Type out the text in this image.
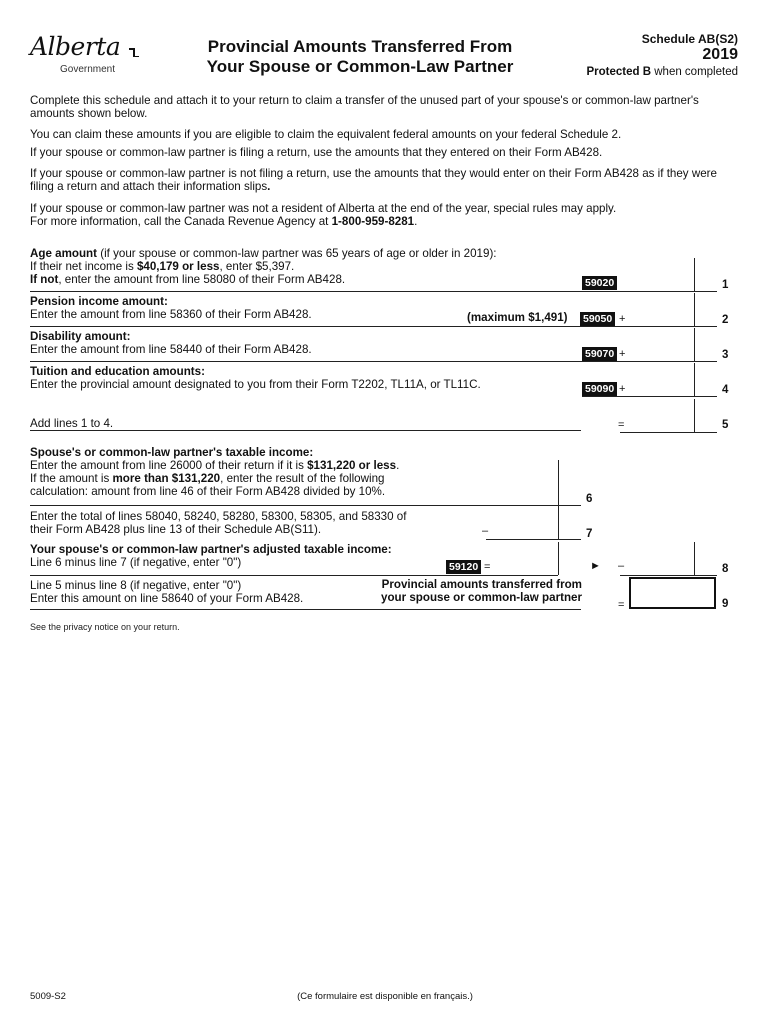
Alberta
Government
Provincial Amounts Transferred From
Your Spouse or Common-Law Partner
Schedule AB(S2)
2019
Protected B when completed
Complete this schedule and attach it to your return to claim a transfer of the unused part of your spouse's or common-law partner's amounts shown below.
You can claim these amounts if you are eligible to claim the equivalent federal amounts on your federal Schedule 2.
If your spouse or common-law partner is filing a return, use the amounts that they entered on their Form AB428.
If your spouse or common-law partner is not filing a return, use the amounts that they would enter on their Form AB428 as if they were filing a return and attach their information slips.
If your spouse or common-law partner was not a resident of Alberta at the end of the year, special rules may apply.
For more information, call the Canada Revenue Agency at 1-800-959-8281.
Age amount (if your spouse or common-law partner was 65 years of age or older in 2019):
If their net income is $40,179 or less, enter $5,397.
If not, enter the amount from line 58080 of their Form AB428.	59020	1
Pension income amount:
Enter the amount from line 58360 of their Form AB428.	(maximum $1,491) 59050 +	2
Disability amount:
Enter the amount from line 58440 of their Form AB428.	59070 +	3
Tuition and education amounts:
Enter the provincial amount designated to you from their Form T2202, TL11A, or TL11C.	59090 +	4
Add lines 1 to 4.	=	5
Spouse's or common-law partner's taxable income:
Enter the amount from line 26000 of their return if it is $131,220 or less.
If the amount is more than $131,220, enter the result of the following
calculation: amount from line 46 of their Form AB428 divided by 10%.
6
Enter the total of lines 58040, 58240, 58280, 58300, 58305, and 58330 of
their Form AB428 plus line 13 of their Schedule AB(S11).	–	7
Your spouse's or common-law partner's adjusted taxable income:
Line 6 minus line 7 (if negative, enter "0")	59120 =	► –	8
Line 5 minus line 8 (if negative, enter "0")
Enter this amount on line 58640 of your Form AB428.
Provincial amounts transferred from
your spouse or common-law partner
=	9
See the privacy notice on your return.
5009-S2	(Ce formulaire est disponible en français.)
